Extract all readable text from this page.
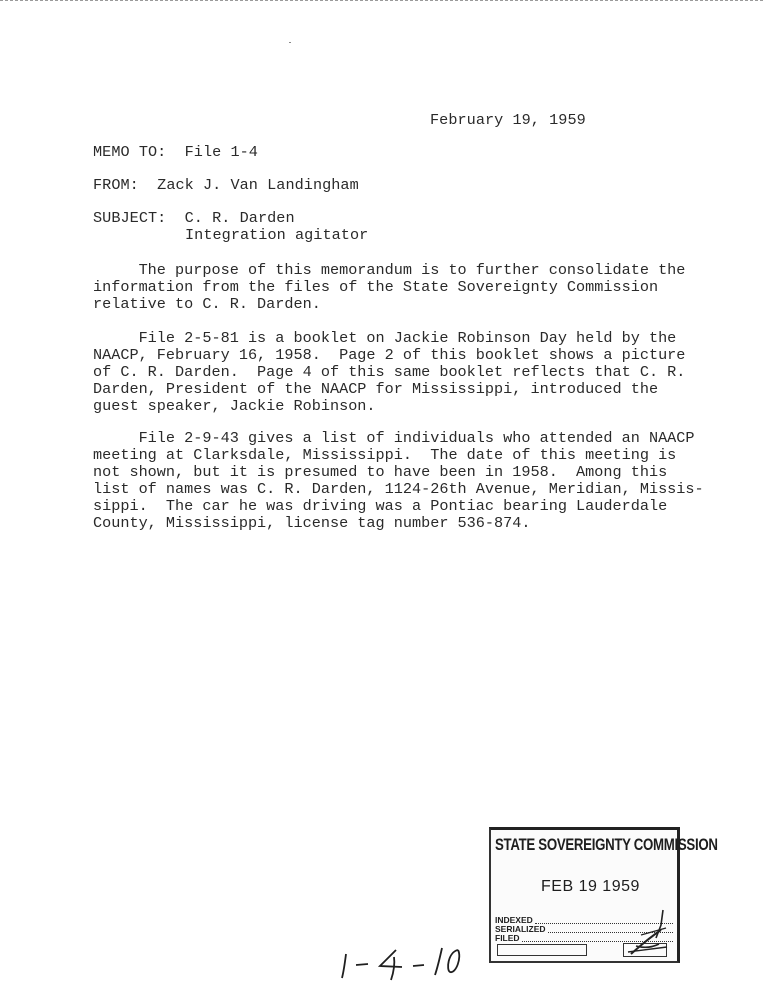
February 19, 1959
MEMO TO: File 1-4
FROM: Zack J. Van Landingham
SUBJECT: C. R. Darden
Integration agitator
The purpose of this memorandum is to further consolidate the
information from the files of the State Sovereignty Commission
relative to C. R. Darden.
File 2-5-81 is a booklet on Jackie Robinson Day held by the
NAACP, February 16, 1958.  Page 2 of this booklet shows a picture
of C. R. Darden.  Page 4 of this same booklet reflects that C. R.
Darden, President of the NAACP for Mississippi, introduced the
guest speaker, Jackie Robinson.
File 2-9-43 gives a list of individuals who attended an NAACP
meeting at Clarksdale, Mississippi.  The date of this meeting is
not shown, but it is presumed to have been in 1958.  Among this
list of names was C. R. Darden, 1124-26th Avenue, Meridian, Missis-
sippi.  The car he was driving was a Pontiac bearing Lauderdale
County, Mississippi, license tag number 536-874.
STATE SOVEREIGNTY COMMISSION
FEB 19 1959
INDEXED
SERIALIZED
FILED
